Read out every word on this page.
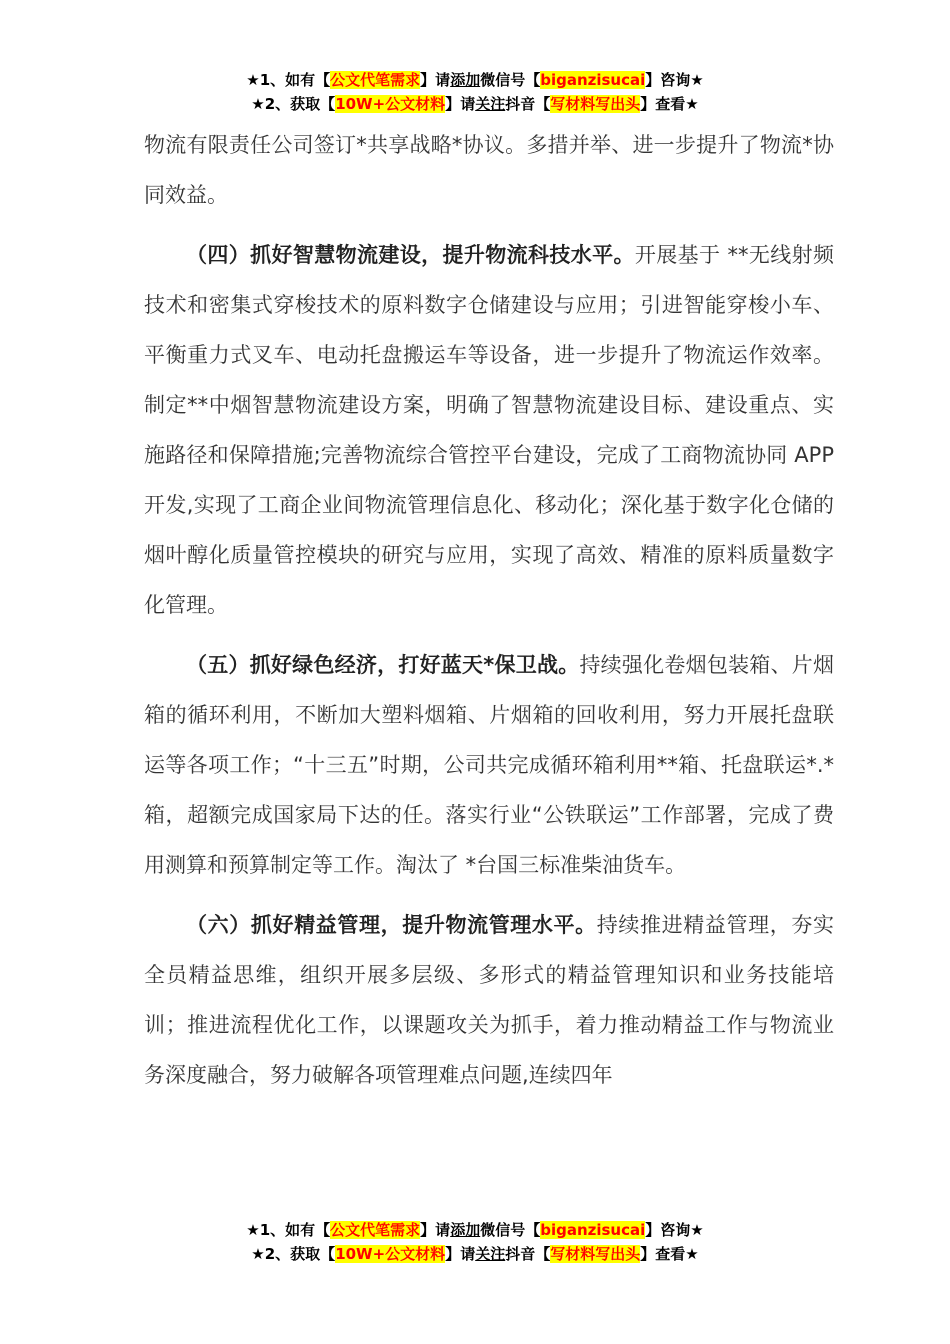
★1、如有【公文代笔需求】请添加微信号【biganzisucai】咨询★
★2、获取【10W+公文材料】请关注抖音【写材料写出头】查看★

物流有限责任公司签订*共享战略*协议。多措并举、进一步提升了物流*协同效益。

（四）抓好智慧物流建设，提升物流科技水平。开展基于 **无线射频技术和密集式穿梭技术的原料数字仓储建设与应用；引进智能穿梭小车、平衡重力式叉车、电动托盘搬运车等设备，进一步提升了物流运作效率。制定**中烟智慧物流建设方案，明确了智慧物流建设目标、建设重点、实施路径和保障措施;完善物流综合管控平台建设，完成了工商物流协同 APP 开发,实现了工商企业间物流管理信息化、移动化；深化基于数字化仓储的烟叶醇化质量管控模块的研究与应用，实现了高效、精准的原料质量数字化管理。

（五）抓好绿色经济，打好蓝天*保卫战。持续强化卷烟包装箱、片烟箱的循环利用，不断加大塑料烟箱、片烟箱的回收利用，努力开展托盘联运等各项工作；“十三五”时期，公司共完成循环箱利用**箱、托盘联运*.*箱，超额完成国家局下达的任。落实行业“公铁联运”工作部署，完成了费用测算和预算制定等工作。淘汰了 *台国三标准柴油货车。

（六）抓好精益管理，提升物流管理水平。持续推进精益管理，夯实全员精益思维，组织开展多层级、多形式的精益管理知识和业务技能培训；推进流程优化工作，以课题攻关为抓手，着力推动精益工作与物流业务深度融合，努力破解各项管理难点问题,连续四年

★1、如有【公文代笔需求】请添加微信号【biganzisucai】咨询★
★2、获取【10W+公文材料】请关注抖音【写材料写出头】查看★
